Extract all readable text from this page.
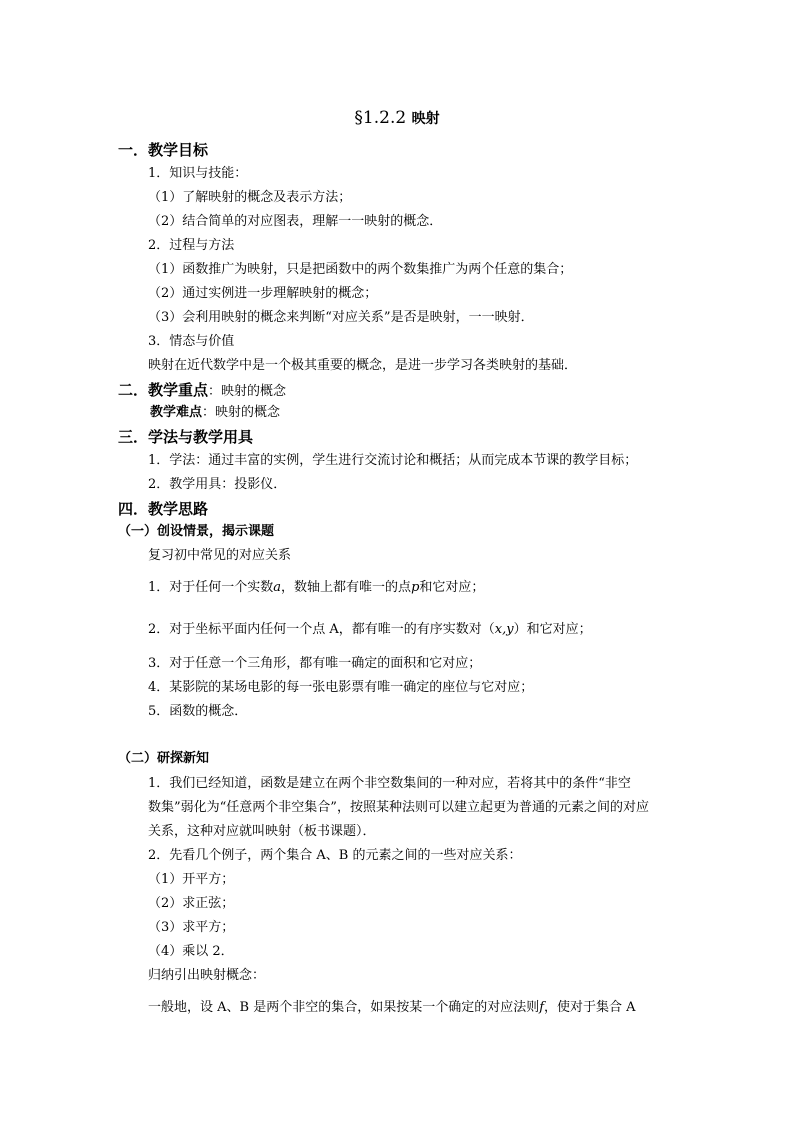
§1.2.2 映射
一．教学目标
1．知识与技能：
（1）了解映射的概念及表示方法；
（2）结合简单的对应图表，理解一一映射的概念．
2．过程与方法
（1）函数推广为映射，只是把函数中的两个数集推广为两个任意的集合；
（2）通过实例进一步理解映射的概念；
（3）会利用映射的概念来判断“对应关系”是否是映射，一一映射．
3．情态与价值
映射在近代数学中是一个极其重要的概念，是进一步学习各类映射的基础．
二．教学重点：映射的概念
教学难点：映射的概念
三．学法与教学用具
1．学法：通过丰富的实例，学生进行交流讨论和概括；从而完成本节课的教学目标；
2．教学用具：投影仪．
四．教学思路
（一）创设情景，揭示课题
复习初中常见的对应关系
1．对于任何一个实数a，数轴上都有唯一的点p和它对应；
2．对于坐标平面内任何一个点 A，都有唯一的有序实数对（x,y）和它对应；
3．对于任意一个三角形，都有唯一确定的面积和它对应；
4．某影院的某场电影的每一张电影票有唯一确定的座位与它对应；
5．函数的概念．
（二）研探新知
1．我们已经知道，函数是建立在两个非空数集间的一种对应，若将其中的条件“非空
数集”弱化为“任意两个非空集合”，按照某种法则可以建立起更为普通的元素之间的对应
关系，这种对应就叫映射（板书课题）．
2．先看几个例子，两个集合 A、B 的元素之间的一些对应关系：
（1）开平方；
（2）求正弦；
（3）求平方；
（4）乘以 2．
归纳引出映射概念：
一般地，设 A、B 是两个非空的集合，如果按某一个确定的对应法则f，使对于集合 A
